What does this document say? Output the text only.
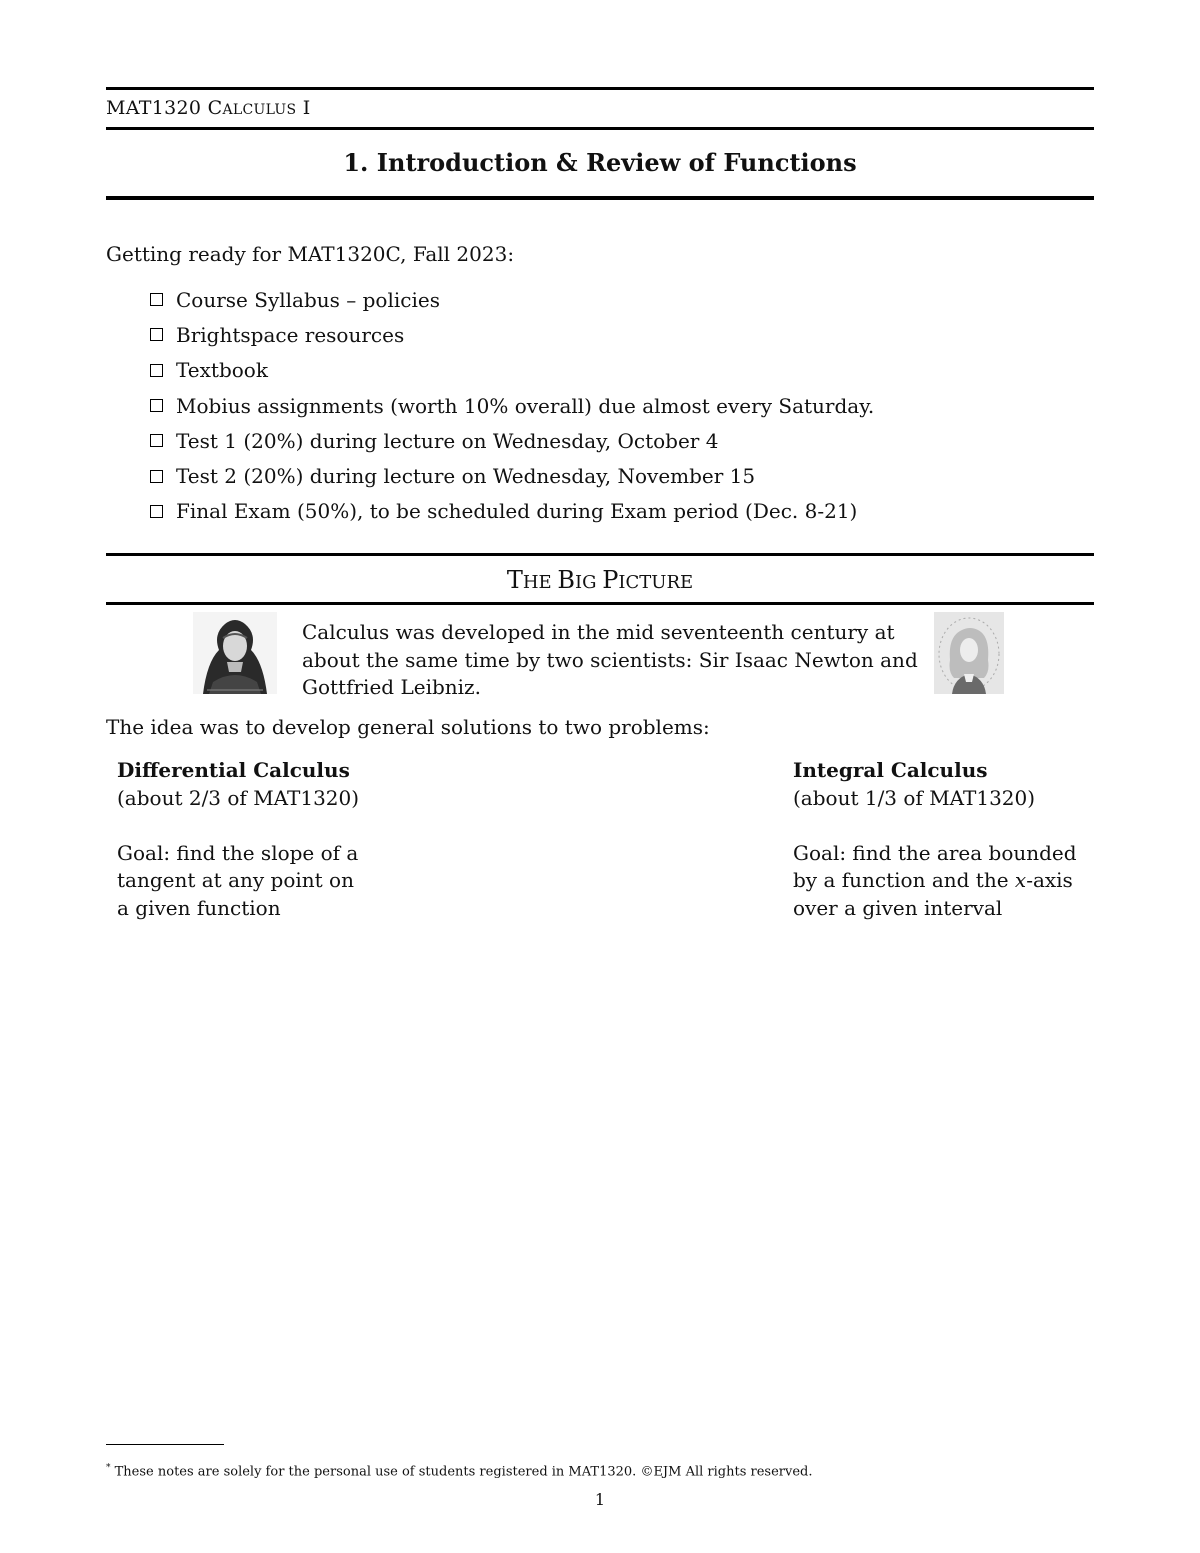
MAT1320 CALCULUS I
1. Introduction & Review of Functions
Getting ready for MAT1320C, Fall 2023:
Course Syllabus – policies
Brightspace resources
Textbook
Mobius assignments (worth 10% overall) due almost every Saturday.
Test 1 (20%) during lecture on Wednesday, October 4
Test 2 (20%) during lecture on Wednesday, November 15
Final Exam (50%), to be scheduled during Exam period (Dec. 8-21)
THE BIG PICTURE
Calculus was developed in the mid seventeenth century at about the same time by two scientists: Sir Isaac Newton and Gottfried Leibniz.
The idea was to develop general solutions to two problems:
Differential Calculus

(about 2/3 of MAT1320)

Goal: find the slope of a

tangent at any point on

a given function

Integral Calculus

(about 1/3 of MAT1320)

Goal: find the area bounded

by a function and the x-axis

over a given interval

* These notes are solely for the personal use of students registered in MAT1320. ©EJM All rights reserved.
1
